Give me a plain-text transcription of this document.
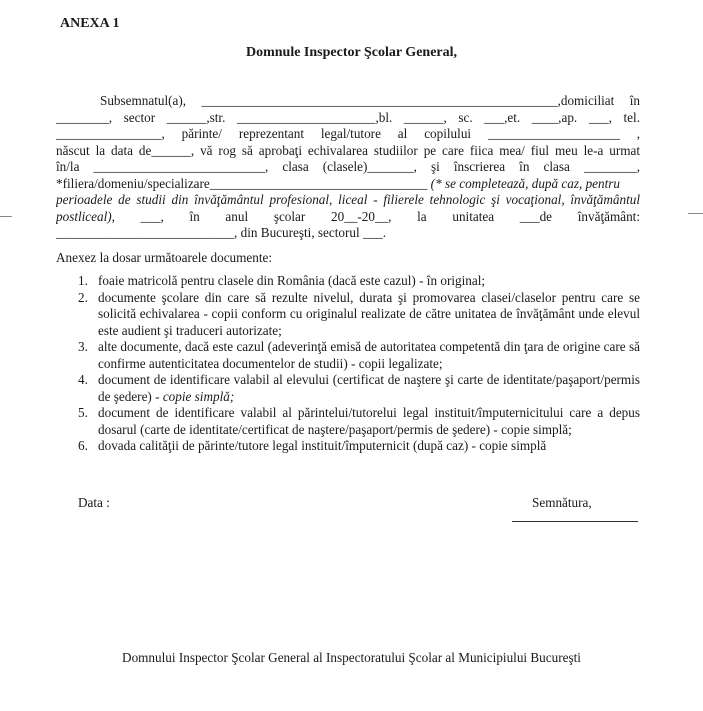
ANEXA 1
Domnule Inspector Şcolar General,
Subsemnatul(a), ______________________________________________________,domiciliat în
________, sector ______,str. _____________________,bl. ______, sc. ___,et. ____,ap. ___, tel.
________________, părinte/ reprezentant legal/tutore al copilului ____________________ ,
născut la data de______, vă rog să aprobaţi echivalarea studiilor pe care fiica mea/ fiul meu le-a urmat
în/la __________________________, clasa (clasele)_______, şi înscrierea în clasa ________,
*filiera/domeniu/specializare_________________________________ (* se completează, după caz, pentru
perioadele de studii din învăţământul profesional, liceal - filierele tehnologic şi vocaţional, învăţământul
postliceal), ___, în anul şcolar 20__-20__, la unitatea ___de învăţământ:
___________________________, din Bucureşti, sectorul ___.
Anexez la dosar următoarele documente:
1. foaie matricolă pentru clasele din România (dacă este cazul) - în original;
2. documente şcolare din care să rezulte nivelul, durata şi promovarea clasei/claselor pentru care se solicită echivalarea - copii conform cu originalul realizate de către unitatea de învăţământ unde elevul este audient şi traduceri autorizate;
3. alte documente, dacă este cazul (adeverinţă emisă de autoritatea competentă din ţara de origine care să confirme autenticitatea documentelor de studii) - copii legalizate;
4. document de identificare valabil al elevului (certificat de naştere şi carte de identitate/paşaport/permis de şedere) - copie simplă;
5. document de identificare valabil al părintelui/tutorelui legal instituit/împuternicitului care a depus dosarul (carte de identitate/certificat de naştere/paşaport/permis de şedere) - copie simplă;
6. dovada calităţii de părinte/tutore legal instituit/împuternicit (după caz) - copie simplă
Data :	Semnătura,
Domnului Inspector Şcolar General al Inspectoratului Şcolar al Municipiului Bucureşti
